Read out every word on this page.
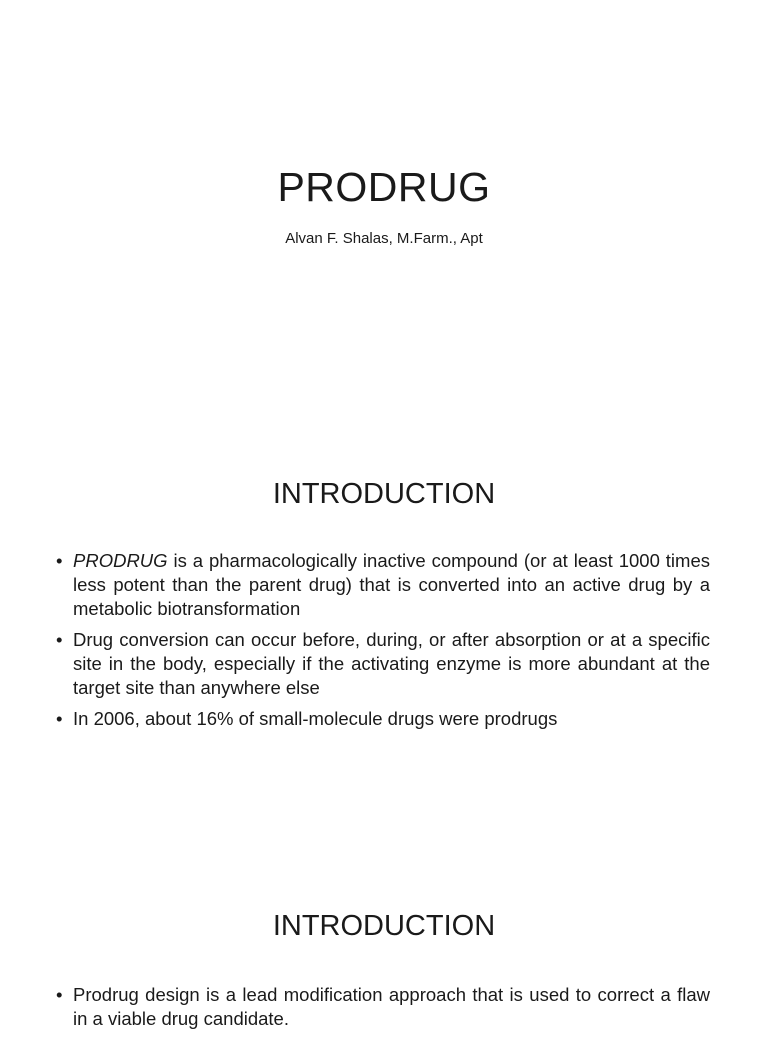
PRODRUG

Alvan F. Shalas, M.Farm., Apt

INTRODUCTION
• PRODRUG is a pharmacologically inactive compound (or at least 1000 times less potent than the parent drug) that is converted into an active drug by a metabolic biotransformation
• Drug conversion can occur before, during, or after absorption or at a specific site in the body, especially if the activating enzyme is more abundant at the target site than anywhere else
• In 2006, about 16% of small-molecule drugs were prodrugs
INTRODUCTION
• Prodrug design is a lead modification approach that is used to correct a flaw in a viable drug candidate.
